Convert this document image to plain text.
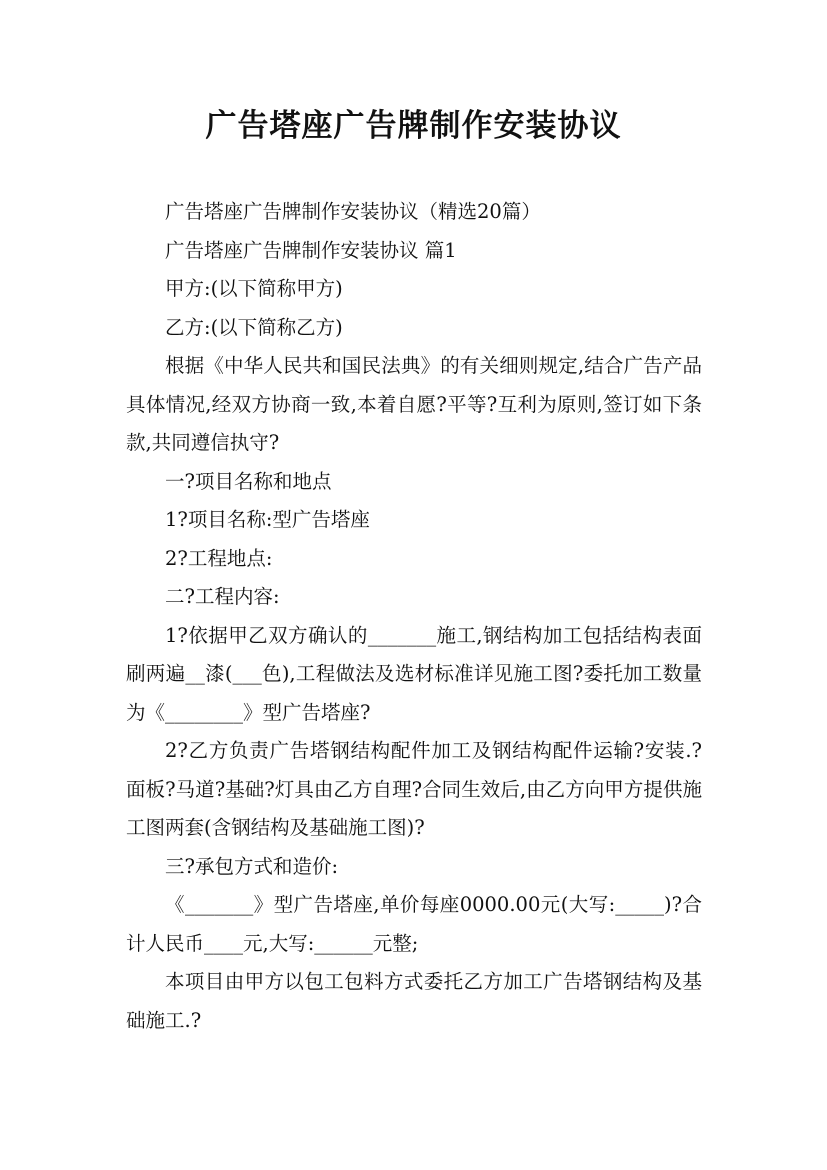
广告塔座广告牌制作安装协议

广告塔座广告牌制作安装协议（精选20篇）

广告塔座广告牌制作安装协议 篇1

甲方:(以下简称甲方)

乙方:(以下简称乙方)

根据《中华人民共和国民法典》的有关细则规定,结合广告产品具体情况,经双方协商一致,本着自愿?平等?互利为原则,签订如下条款,共同遵信执守?

一?项目名称和地点

1?项目名称:型广告塔座

2?工程地点:

二?工程内容:

1?依据甲乙双方确认的_______施工,钢结构加工包括结构表面刷两遍__漆(___色),工程做法及选材标准详见施工图?委托加工数量为《________》型广告塔座?

2?乙方负责广告塔钢结构配件加工及钢结构配件运输?安装.?面板?马道?基础?灯具由乙方自理?合同生效后,由乙方向甲方提供施工图两套(含钢结构及基础施工图)?

三?承包方式和造价:

《_______》型广告塔座,单价每座0000.00元(大写:_____)?合计人民币____元,大写:______元整;

本项目由甲方以包工包料方式委托乙方加工广告塔钢结构及基础施工.?
